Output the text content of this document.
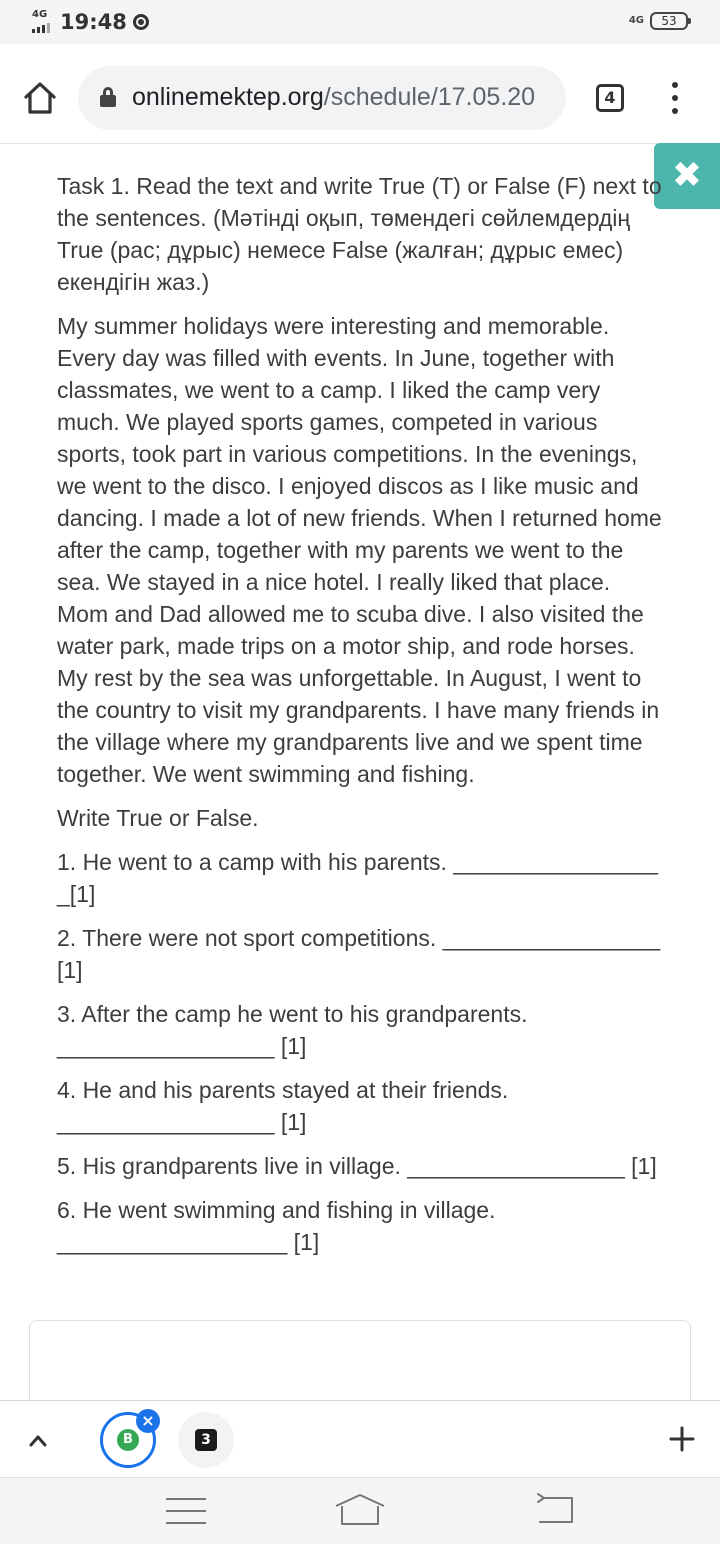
4G 19:48	4G	53
onlinemektep.org/schedule/17.05.20	4
✖

Task 1. Read the text and write True (T) or False (F) next to the sentences. (Мәтінді оқып, төмендегі сөйлемдердің True (рас; дұрыс) немесе False (жалған; дұрыс емес) екендігін жаз.)

My summer holidays were interesting and memorable. Every day was filled with events. In June, together with classmates, we went to a camp. I liked the camp very much. We played sports games, competed in various sports, took part in various competitions. In the evenings, we went to the disco. I enjoyed discos as I like music and dancing. I made a lot of new friends. When I returned home after the camp, together with my parents we went to the sea. We stayed in a nice hotel. I really liked that place. Mom and Dad allowed me to scuba dive. I also visited the water park, made trips on a motor ship, and rode horses. My rest by the sea was unforgettable. In August, I went to the country to visit my grandparents. I have many friends in the village where my grandparents live and we spent time together. We went swimming and fishing.

Write True or False.

1. He went to a camp with his parents. ________________ _[1]

2. There were not sport competitions. _________________ [1]

3. After the camp he went to his grandparents. _________________ [1]

4. He and his parents stayed at their friends. _________________ [1]

5. His grandparents live in village. _________________ [1]

6. He went swimming and fishing in village. __________________ [1]

B
×
3
